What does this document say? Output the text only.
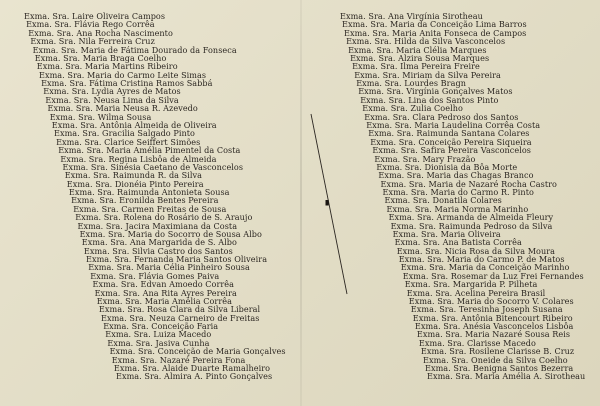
Exma. Sra. Laire Oliveira Campos
Exma. Sra. Flávia Rego Corrêa
Exma. Sra. Ana Rocha Nascimento
Exma. Sra. Nila Ferreira Cruz
Exma. Sra. Maria de Fátima Dourado da Fonseca
Exma. Sra. Maria Braga Coelho
Exma. Sra. Maria Martins Ribeiro
Exma. Sra. Maria do Carmo Leite Simas
Exma. Sra. Fátima Cristina Ramos Sabbá
Exma. Sra. Lydia Ayres de Matos
Exma. Sra. Neusa Lima da Silva
Exma. Sra. Maria Neusa R. Azevedo
Exma. Sra. Wilma Sousa
Exma. Sra. Antônia Almeida de Oliveira
Exma. Sra. Gracilia Salgado Pinto
Exma. Sra. Clarice Seiffert Simões
Exma. Sra. Maria Amélia Pimentel da Costa
Exma. Sra. Regina Lisbôa de Almeida
Exma. Sra. Sinésia Caetano de Vasconcelos
Exma. Sra. Raimunda R. da Silva
Exma. Sra. Dionéia Pinto Pereira
Exma. Sra. Raimunda Antonieta Sousa
Exma. Sra. Eronilda Bentes Pereira
Exma. Sra. Carmen Freitas de Sousa
Exma. Sra. Rolena do Rosário de S. Araujo
Exma. Sra. Jacira Maximiana da Costa
Exma. Sra. Maria do Socorro de Sousa Albo
Exma. Sra. Ana Margarida de S. Albo
Exma. Sra. Silvia Castro dos Santos
Exma. Sra. Fernanda Maria Santos Oliveira
Exma. Sra. Maria Célia Pinheiro Sousa
Exma. Sra. Flávia Gomes Paiva
Exma. Sra. Edvan Amoedo Corrêa
Exma. Sra. Ana Rita Ayres Pereira
Exma. Sra. Maria Amélia Corrêa
Exma. Sra. Rosa Clara da Silva Liberal
Exma. Sra. Neuza Carneiro de Freitas
Exma. Sra. Conceição Faria
Exma. Sra. Luiza Macedo
Exma. Sra. Jasiva Cunha
Exma. Sra. Conceição de Maria Gonçalves
Exma. Sra. Nazaré Pereira Fona
Exma. Sra. Alaide Duarte Ramalheiro
Exma. Sra. Almira A. Pinto Gonçalves
Exma. Sra. Ana Virgínia Sirotheau
Exma. Sra. Maria da Conceição Lima Barros
Exma. Sra. Maria Anita Fonseca de Campos
Exma. Sra. Hilda da Silva Vasconcelos
Exma. Sra. Maria Clélia Marques
Exma. Sra. Alzira Sousa Marques
Exma. Sra. Ilma Pereira Freire
Exma. Sra. Miriam da Silva Pereira
Exma. Sra. Lourdes Bragn
Exma. Sra. Virgínia Gonçalves Matos
Exma. Sra. Lina dos Santos Pinto
Exma. Sra. Zulia Coelho
Exma. Sra. Clara Pedroso dos Santos
Exma. Sra. Maria Laudelina Corrêa Costa
Exma. Sra. Raimunda Santana Colares
Exma. Sra. Conceição Pereira Siqueira
Exma. Sra. Safira Pereira Vasconcelos
Exma. Sra. Mary Frazão
Exma. Sra. Dionisia da Bôa Morte
Exma. Sra. Maria das Chagas Branco
Exma. Sra. Maria de Nazaré Rocha Castro
Exma. Sra. Maria do Carmo R. Pinto
Exma. Sra. Donatila Colares
Exma. Sra. Maria Norma Marinho
Exma. Sra. Armanda de Almeida Fleury
Exma. Sra. Raimunda Pedroso da Silva
Exma. Sra. Maria Oliveira
Exma. Sra. Ana Batista Corrêa
Exma. Sra. Nicia Rosa da Silva Moura
Exma. Sra. Maria do Carmo P. de Matos
Exma. Sra. Maria da Conceição Marinho
Exma. Sra. Rosemar da Luz Frei Fernandes
Exma. Sra. Margarida P. Pilheta
Exma. Sra. Acelina Pereira Brasil
Exma. Sra. Maria do Socorro V. Colares
Exma. Sra. Teresinha Joseph Susana
Exma. Sra. Antônia Bitencourt Ribeiro
Exma. Sra. Anésia Vasconcelos Lisbôa
Exma. Sra. Maria Nazaré Sousa Reis
Exma. Sra. Clarisse Macedo
Exma. Sra. Rosilene Clarisse B. Cruz
Exma. Sra. Oneide da Silva Coelho
Exma. Sra. Benigna Santos Bezerra
Exma. Sra. Maria Amélia A. Sirotheau
